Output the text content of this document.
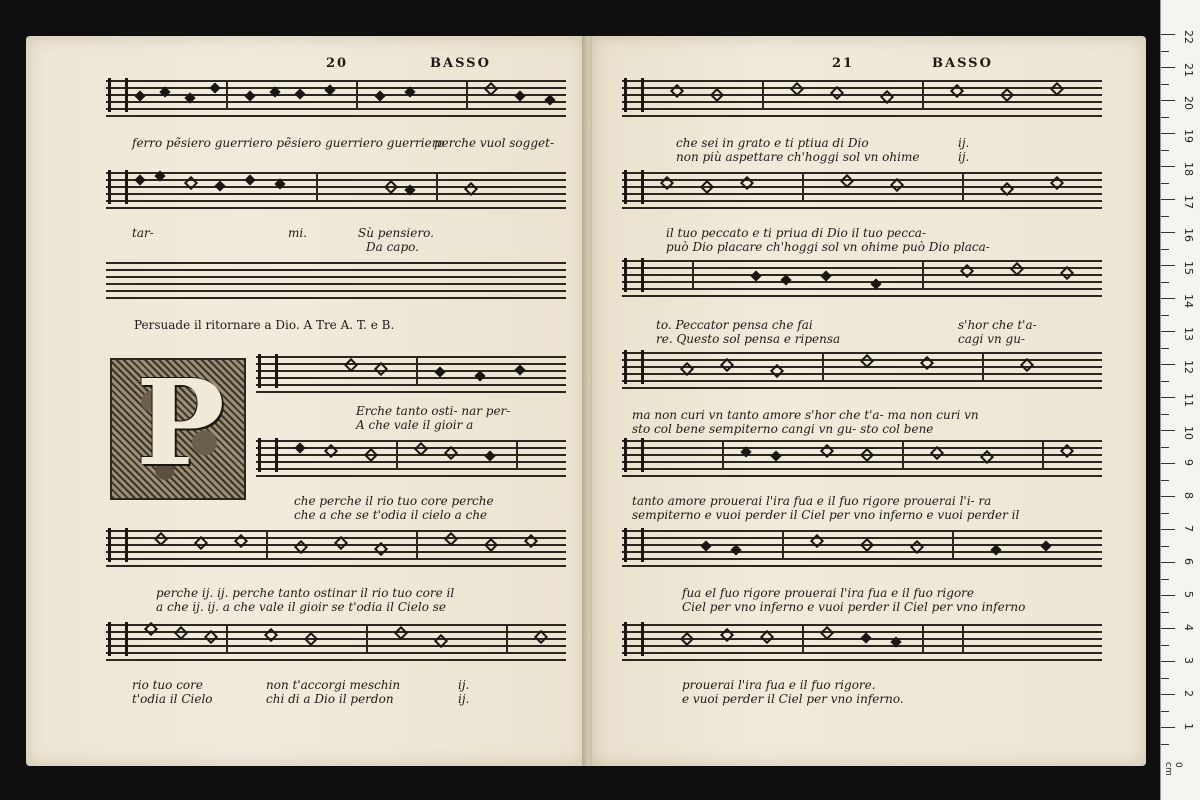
20	BASSO
ferro pẽsiero guerriero pẽsiero guerriero guerriero
perche vuol sogget-
tar-	mi.	Sù pensiero.
Da capo.
Persuade il ritornare a Dio. A Tre A. T. e B.
P	Erche tanto osti- nar per-
A che vale il gioir a
che perche il rio tuo core perche
che a che se t'odia il cielo a che
perche ij. ij. perche tanto ostinar il rio tuo core il
a che ij. ij. a che vale il gioir se t'odia il Cielo se
rio tuo core
t'odia il Cielo
non t'accorgi meschin
chi di a Dio il perdon
ij.
ij.
21	BASSO
che sei in grato e ti ptiua di Dio
non più aspettare ch'hoggi sol vn ohime
ij.
ij.
il tuo peccato e ti priua di Dio il tuo pecca-
può Dio placare ch'hoggi sol vn ohime può Dio placa-
to. Peccator pensa che fai
re. Questo sol pensa e ripensa
s'hor che t'a-
cagi vn gu-
ma non curi vn tanto amore s'hor che t'a- ma non curi vn
sto col bene sempiterno cangi vn gu- sto col bene
tanto amore prouerai l'ira fua e il fuo rigore prouerai l'i- ra
sempiterno e vuoi perder il Ciel per vno inferno e vuoi perder il
fua el fuo rigore prouerai l'ira fua e il fuo rigore
Ciel per vno inferno e vuoi perder il Ciel per vno inferno
prouerai l'ira fua e il fuo rigore.
e vuoi perder il Ciel per vno inferno.
22
21
20
19
18
17
16
15
14
13
12
11
10
9
8
7
6
5
4
3
2
1
0 cm
